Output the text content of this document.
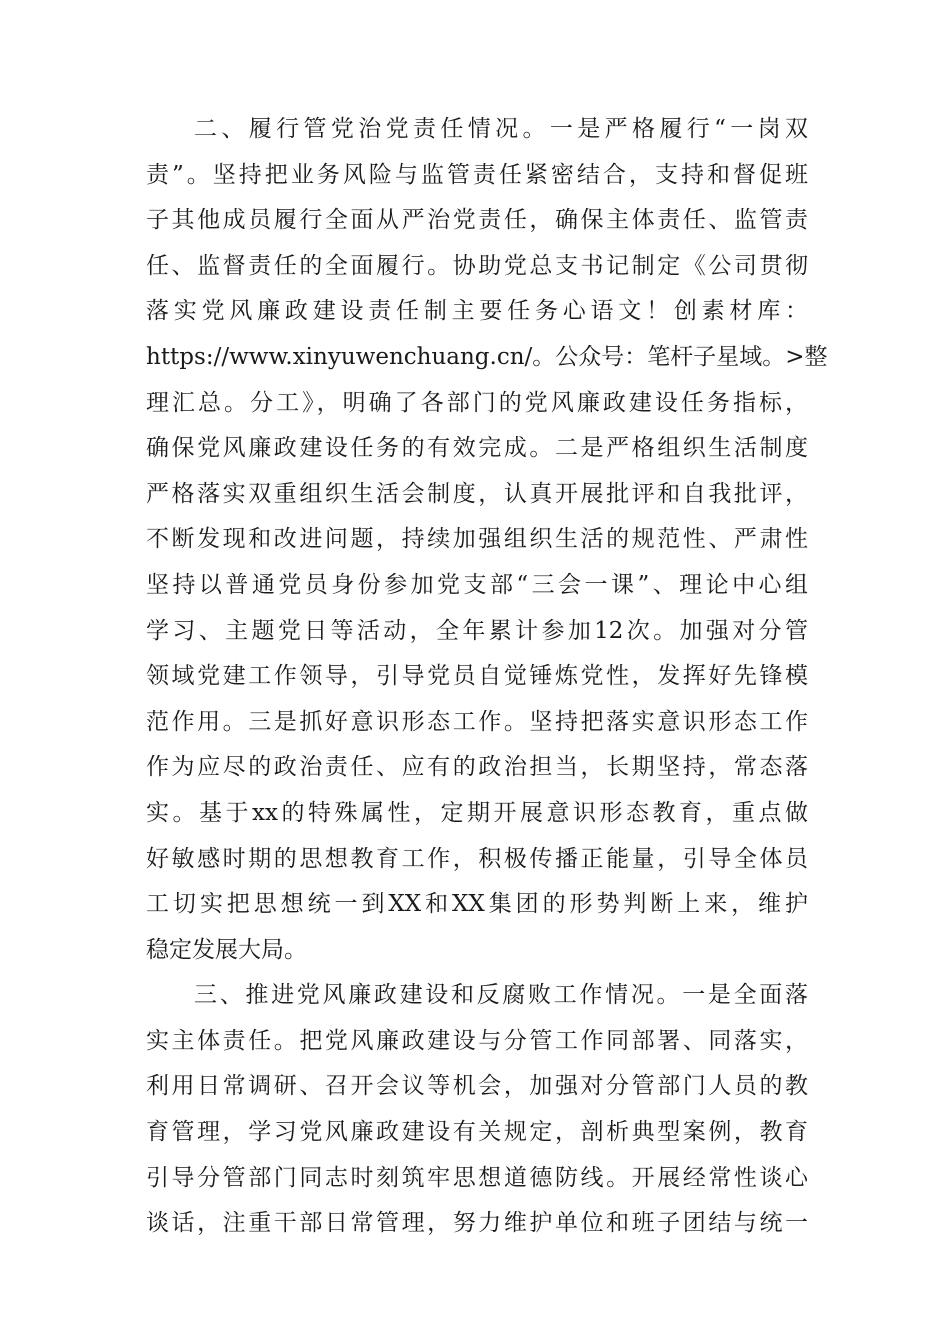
二、履行管党治党责任情况。一是严格履行“一岗双
责”。坚持把业务风险与监管责任紧密结合，支持和督促班
子其他成员履行全面从严治党责任，确保主体责任、监管责
任、监督责任的全面履行。协助党总支书记制定《公司贯彻
落实党风廉政建设责任制主要任务心语文！创素材库：
https://www.xinyuwenchuang.cn/。公众号：笔杆子星域。>整
理汇总。分工》，明确了各部门的党风廉政建设任务指标，
确保党风廉政建设任务的有效完成。二是严格组织生活制度
严格落实双重组织生活会制度，认真开展批评和自我批评，
不断发现和改进问题，持续加强组织生活的规范性、严肃性
坚持以普通党员身份参加党支部“三会一课”、理论中心组
学习、主题党日等活动，全年累计参加12次。加强对分管
领域党建工作领导，引导党员自觉锤炼党性，发挥好先锋模
范作用。三是抓好意识形态工作。坚持把落实意识形态工作
作为应尽的政治责任、应有的政治担当，长期坚持，常态落
实。基于xx的特殊属性，定期开展意识形态教育，重点做
好敏感时期的思想教育工作，积极传播正能量，引导全体员
工切实把思想统一到XX和XX集团的形势判断上来，维护
稳定发展大局。
三、推进党风廉政建设和反腐败工作情况。一是全面落
实主体责任。把党风廉政建设与分管工作同部署、同落实，
利用日常调研、召开会议等机会，加强对分管部门人员的教
育管理，学习党风廉政建设有关规定，剖析典型案例，教育
引导分管部门同志时刻筑牢思想道德防线。开展经常性谈心
谈话，注重干部日常管理，努力维护单位和班子团结与统一
